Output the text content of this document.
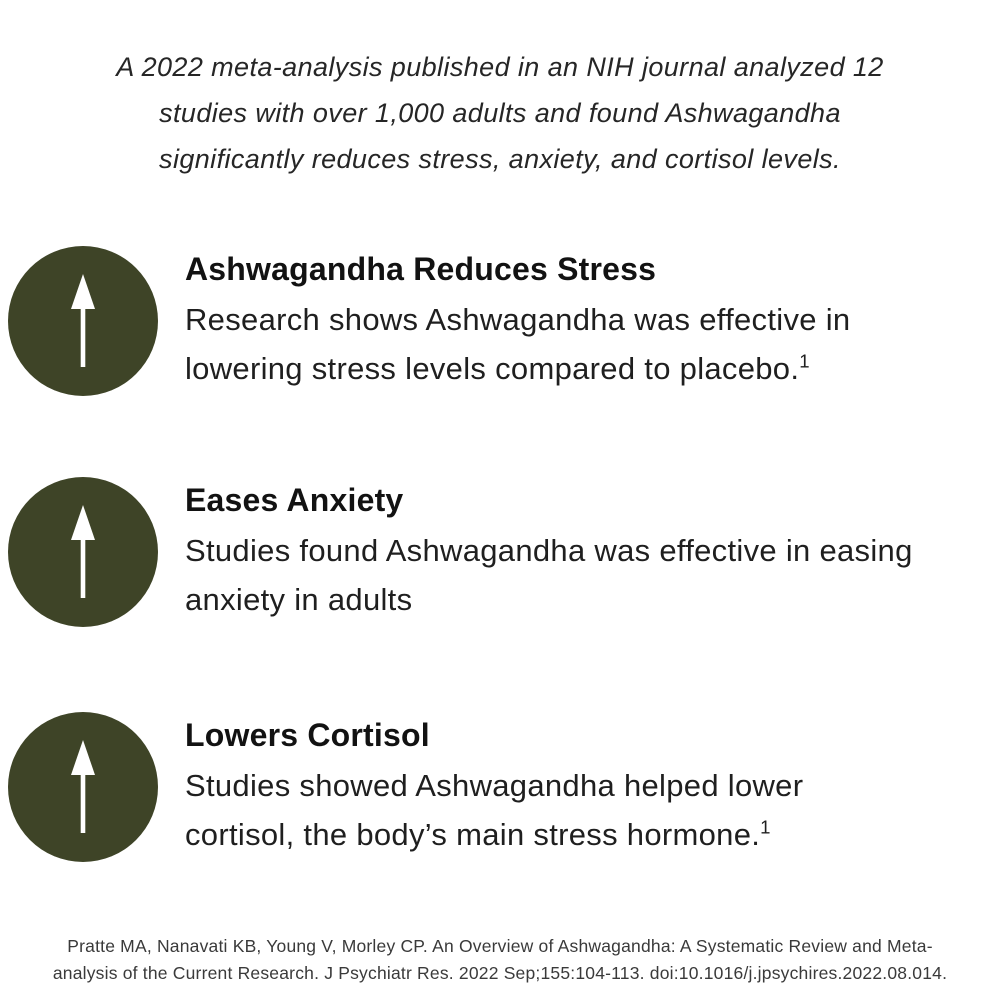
A 2022 meta-analysis published in an NIH journal analyzed 12
studies with over 1,000 adults and found Ashwagandha
significantly reduces stress, anxiety, and cortisol levels.
Ashwagandha Reduces Stress
Research shows Ashwagandha was effective in lowering stress levels compared to placebo.$^1$
Eases Anxiety
Studies found Ashwagandha was effective in easing anxiety in adults
Lowers Cortisol
Studies showed Ashwagandha helped lower cortisol, the body’s main stress hormone.$^1$
Pratte MA, Nanavati KB, Young V, Morley CP. An Overview of Ashwagandha: A Systematic Review and Meta-
analysis of the Current Research. J Psychiatr Res. 2022 Sep;155:104-113. doi:10.1016/j.jpsychires.2022.08.014.
